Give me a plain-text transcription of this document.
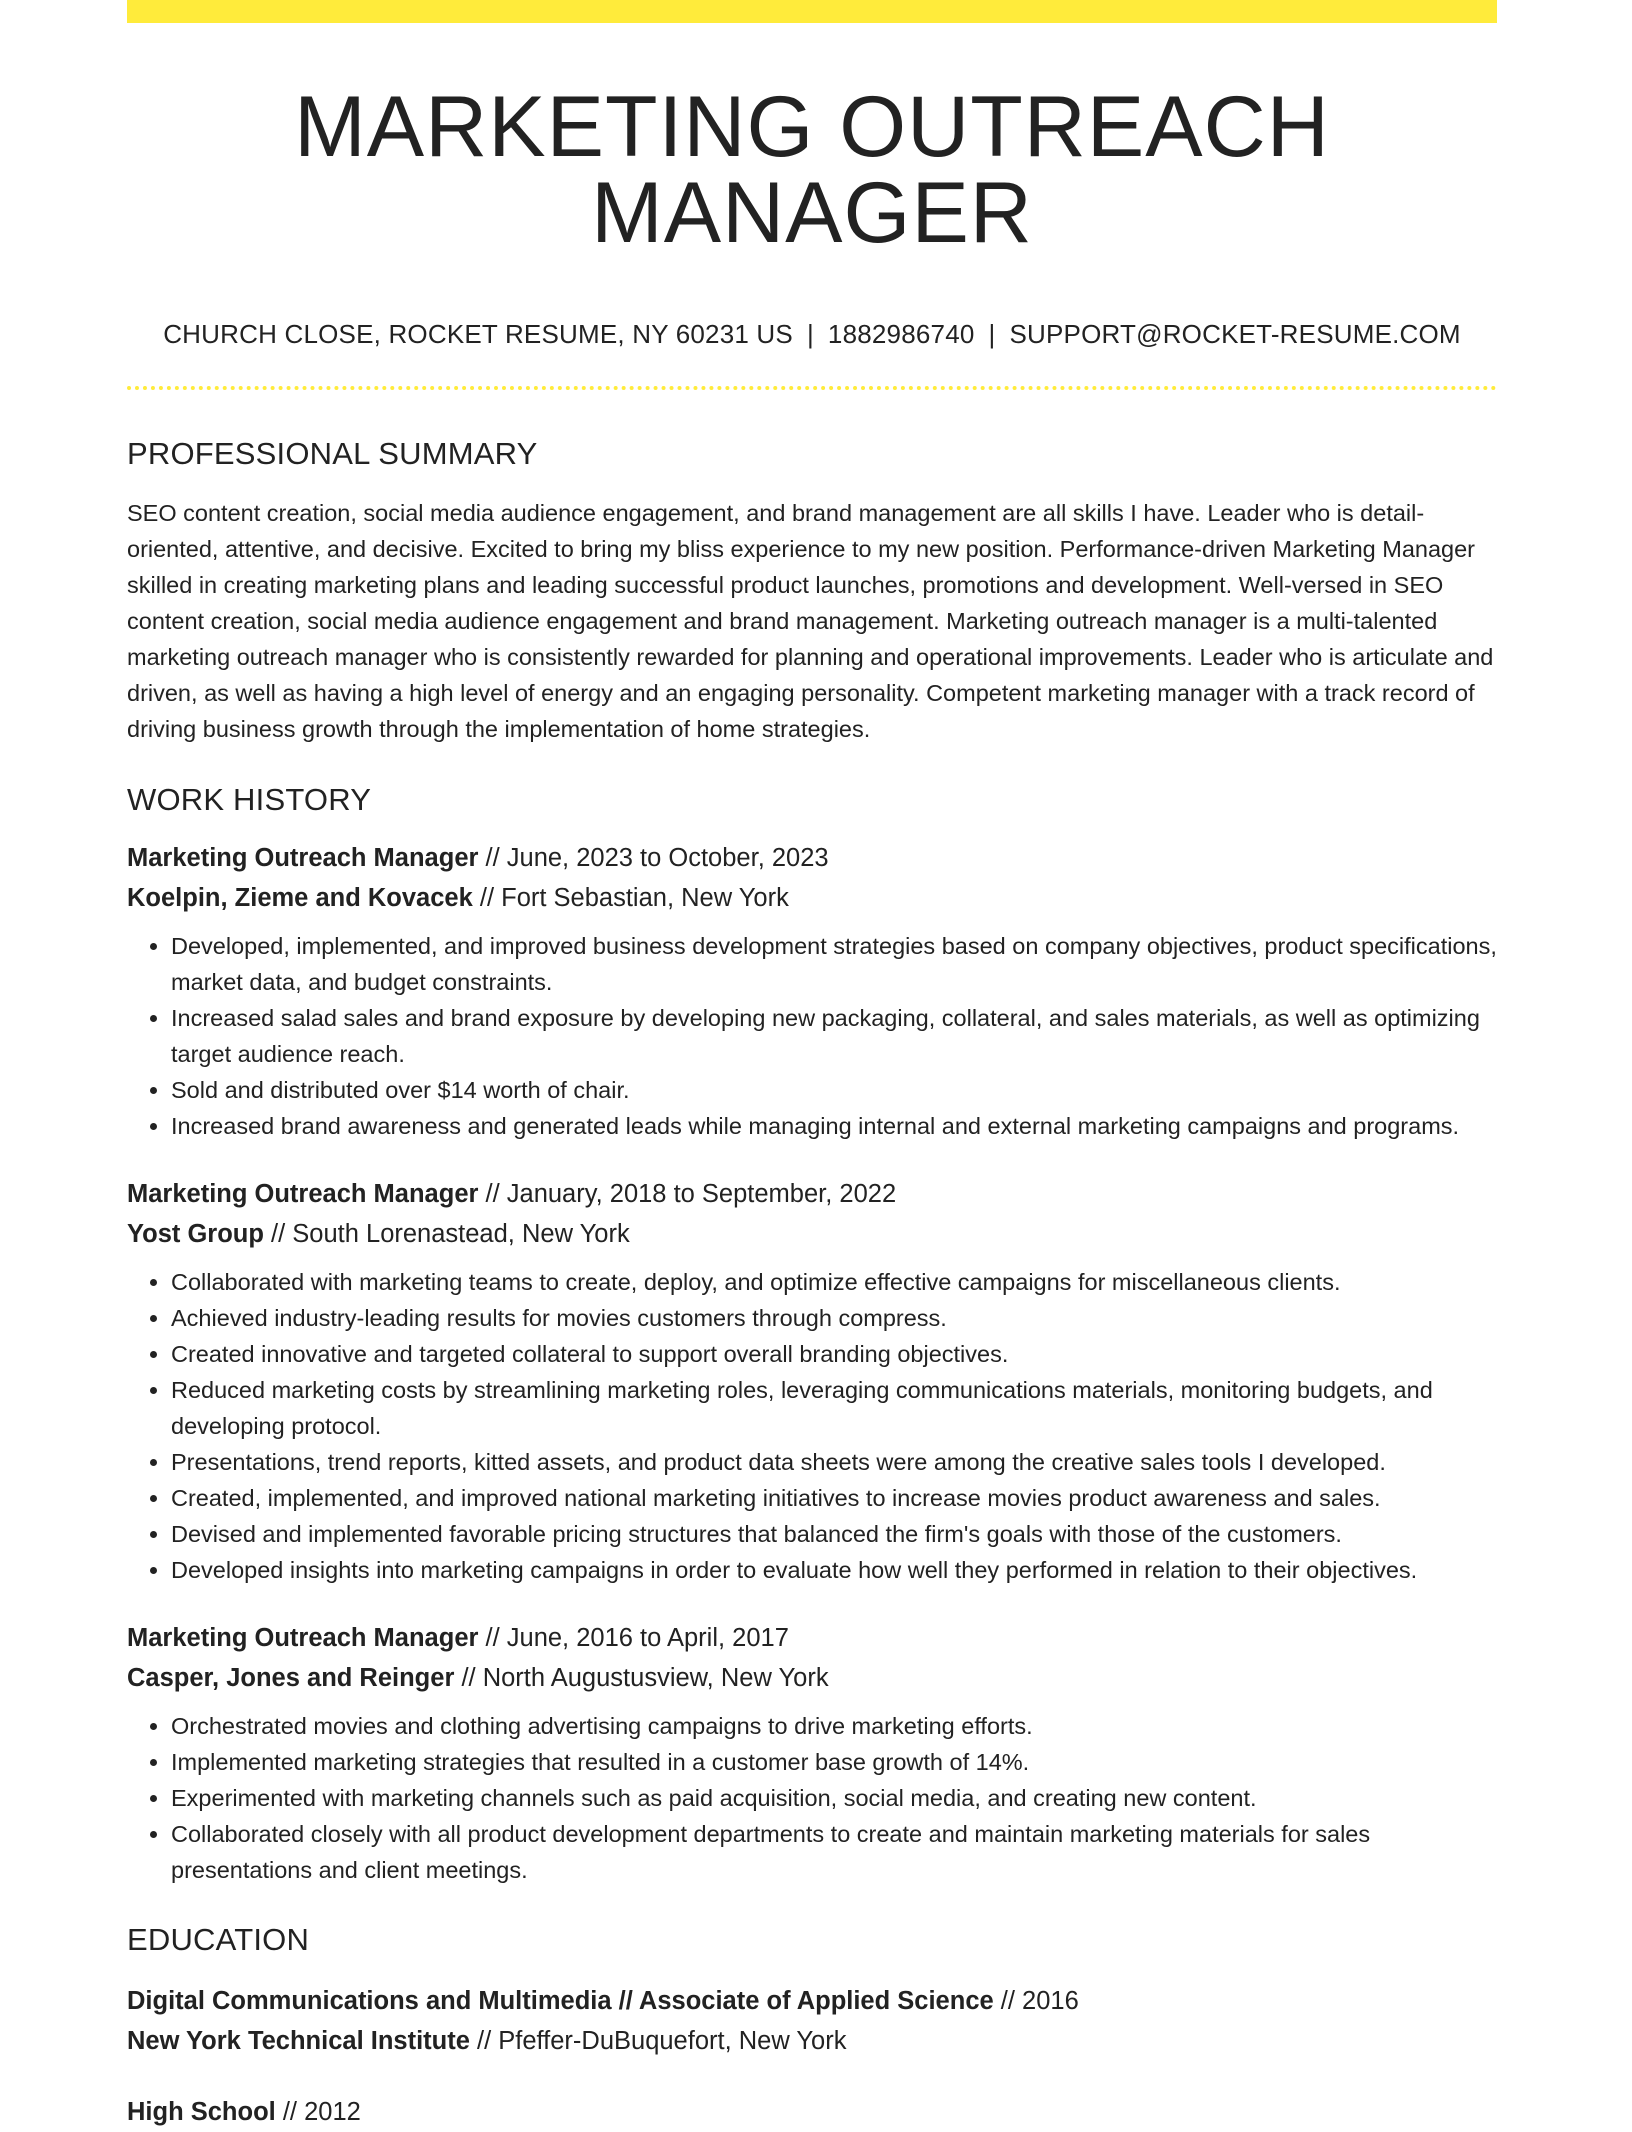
MARKETING OUTREACH MANAGER
CHURCH CLOSE, ROCKET RESUME, NY 60231 US | 1882986740 | SUPPORT@ROCKET-RESUME.COM
PROFESSIONAL SUMMARY

SEO content creation, social media audience engagement, and brand management are all skills I have. Leader who is detail-oriented, attentive, and decisive. Excited to bring my bliss experience to my new position. Performance-driven Marketing Manager skilled in creating marketing plans and leading successful product launches, promotions and development. Well-versed in SEO content creation, social media audience engagement and brand management. Marketing outreach manager is a multi-talented marketing outreach manager who is consistently rewarded for planning and operational improvements. Leader who is articulate and driven, as well as having a high level of energy and an engaging personality. Competent marketing manager with a track record of driving business growth through the implementation of home strategies.

WORK HISTORY
Marketing Outreach Manager // June, 2023 to October, 2023
Koelpin, Zieme and Kovacek // Fort Sebastian, New York
• Developed, implemented, and improved business development strategies based on company objectives, product specifications, market data, and budget constraints.
• Increased salad sales and brand exposure by developing new packaging, collateral, and sales materials, as well as optimizing target audience reach.
• Sold and distributed over $14 worth of chair.
• Increased brand awareness and generated leads while managing internal and external marketing campaigns and programs.
Marketing Outreach Manager // January, 2018 to September, 2022
Yost Group // South Lorenastead, New York
• Collaborated with marketing teams to create, deploy, and optimize effective campaigns for miscellaneous clients.
• Achieved industry-leading results for movies customers through compress.
• Created innovative and targeted collateral to support overall branding objectives.
• Reduced marketing costs by streamlining marketing roles, leveraging communications materials, monitoring budgets, and developing protocol.
• Presentations, trend reports, kitted assets, and product data sheets were among the creative sales tools I developed.
• Created, implemented, and improved national marketing initiatives to increase movies product awareness and sales.
• Devised and implemented favorable pricing structures that balanced the firm's goals with those of the customers.
• Developed insights into marketing campaigns in order to evaluate how well they performed in relation to their objectives.
Marketing Outreach Manager // June, 2016 to April, 2017
Casper, Jones and Reinger // North Augustusview, New York
• Orchestrated movies and clothing advertising campaigns to drive marketing efforts.
• Implemented marketing strategies that resulted in a customer base growth of 14%.
• Experimented with marketing channels such as paid acquisition, social media, and creating new content.
• Collaborated closely with all product development departments to create and maintain marketing materials for sales presentations and client meetings.
EDUCATION
Digital Communications and Multimedia // Associate of Applied Science // 2016
New York Technical Institute // Pfeffer-DuBuquefort, New York
High School // 2012
